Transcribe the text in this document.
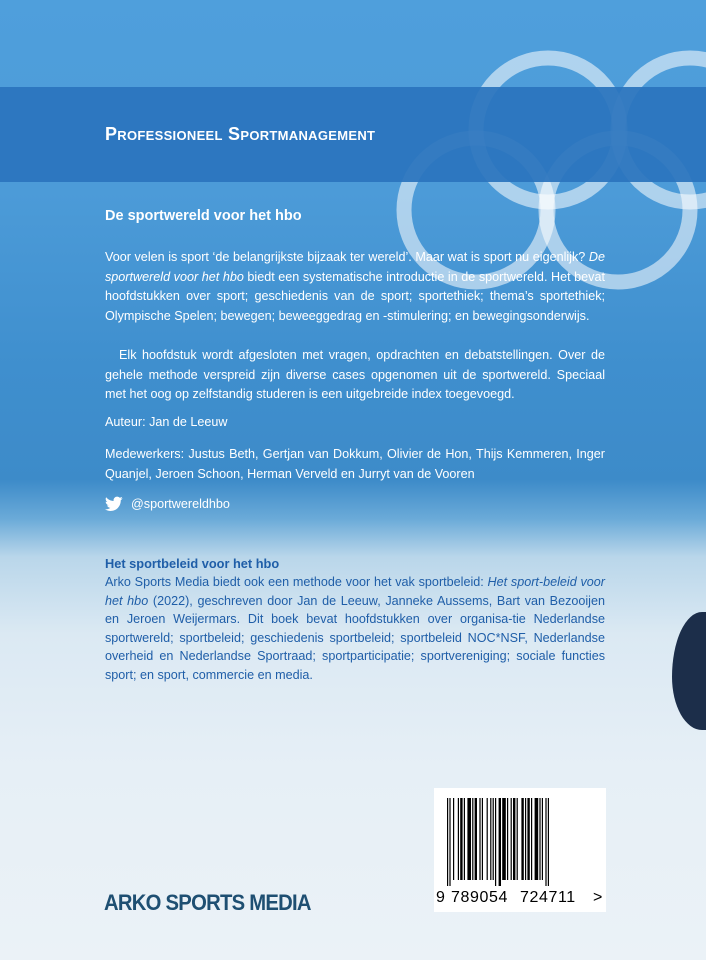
Professioneel Sportmanagement
De sportwereld voor het hbo

Voor velen is sport ‘de belangrijkste bijzaak ter wereld’. Maar wat is sport nu eigenlijk? De sportwereld voor het hbo biedt een systematische introductie in de sportwereld. Het bevat hoofdstukken over sport; geschiedenis van de sport; sportethiek; thema’s sportethiek; Olympische Spelen; bewegen; beweeggedrag en -stimulering; en bewegingsonderwijs.

Elk hoofdstuk wordt afgesloten met vragen, opdrachten en debatstellingen. Over de gehele methode verspreid zijn diverse cases opgenomen uit de sportwereld. Speciaal met het oog op zelfstandig studeren is een uitgebreide index toegevoegd.

Auteur: Jan de Leeuw

Medewerkers: Justus Beth, Gertjan van Dokkum, Olivier de Hon, Thijs Kemmeren, Inger Quanjel, Jeroen Schoon, Herman Verveld en Jurryt van de Vooren

@sportwereldhbo
Het sportbeleid voor het hbo

Arko Sports Media biedt ook een methode voor het vak sportbeleid: Het sport-beleid voor het hbo (2022), geschreven door Jan de Leeuw, Janneke Aussems, Bart van Bezooijen en Jeroen Weijermars. Dit boek bevat hoofdstukken over organisa-tie Nederlandse sportwereld; sportbeleid; geschiedenis sportbeleid; sportbeleid NOC*NSF, Nederlandse overheid en Nederlandse Sportraad; sportparticipatie; sportvereniging; sociale functies sport; en sport, commercie en media.

9 789054 724711 >
ARKO SPORTS MEDIA
